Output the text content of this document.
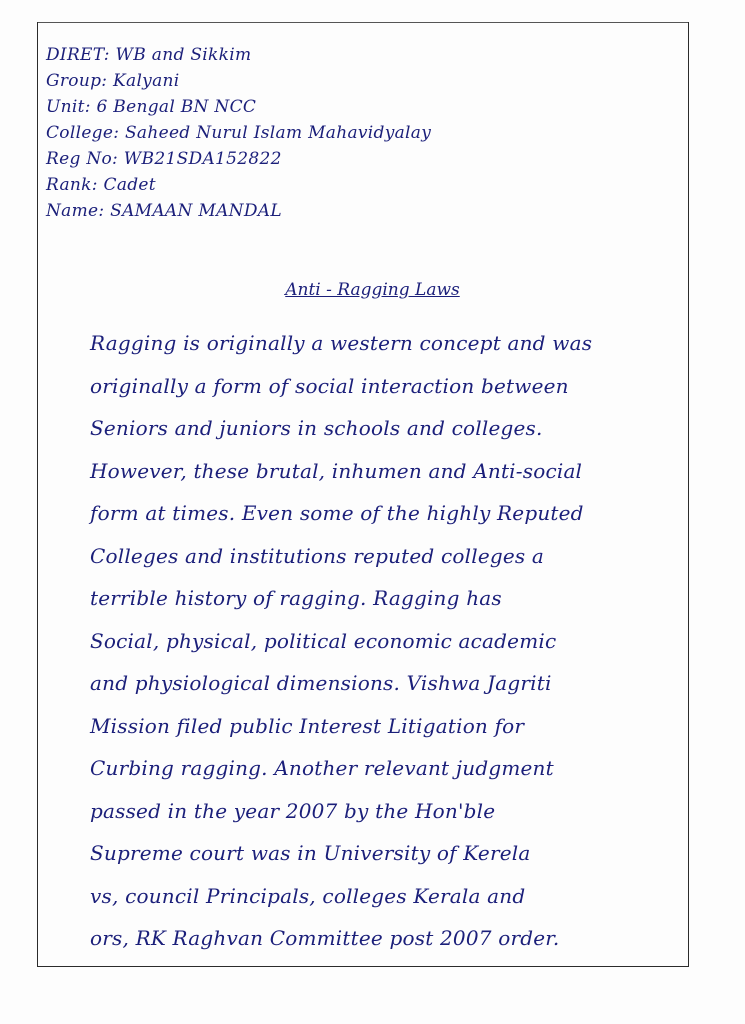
DIRET: WB and Sikkim
Group: Kalyani
Unit: 6 Bengal BN NCC
College: Saheed Nurul Islam Mahavidyalay
Reg No: WB21SDA152822
Rank: Cadet
Name: SAMAAN MANDAL
Anti - Ragging Laws
Ragging is originally a western concept and was
originally a form of social interaction between
Seniors and juniors in schools and colleges.
However, these brutal, inhumen and Anti-social
form at times. Even some of the highly Reputed
Colleges and institutions reputed colleges a
terrible history of ragging. Ragging has
Social, physical, political economic academic
and physiological dimensions. Vishwa Jagriti
Mission filed public Interest Litigation for
Curbing ragging. Another relevant judgment
passed in the year 2007 by the Hon'ble
Supreme court was in University of Kerela
vs, council Principals, colleges Kerala and
ors, RK Raghvan Committee post 2007 order.
